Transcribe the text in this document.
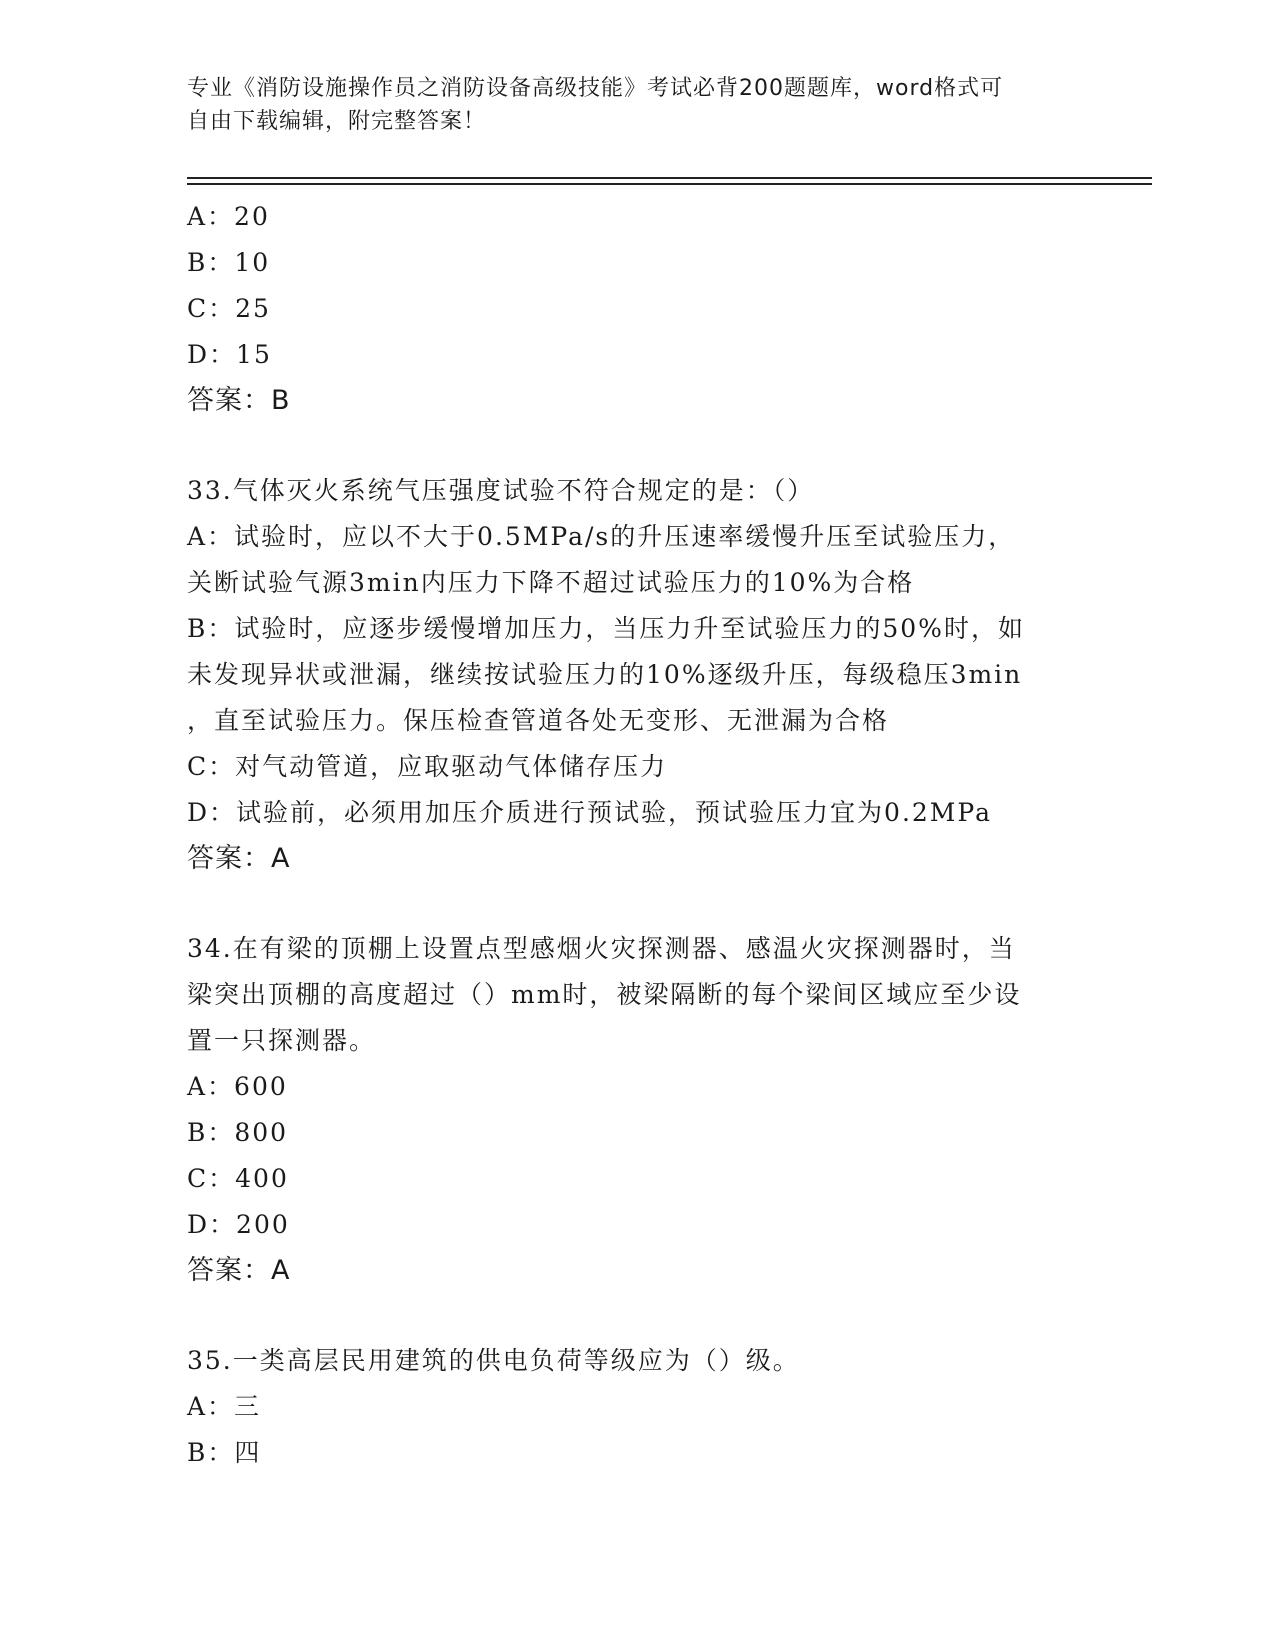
专业《消防设施操作员之消防设备高级技能》考试必背200题题库，word格式可
自由下载编辑，附完整答案！
A：20
B：10
C：25
D：15
答案：B
33.气体灭火系统气压强度试验不符合规定的是：（）
A：试验时，应以不大于0.5MPa/s的升压速率缓慢升压至试验压力，
关断试验气源3min内压力下降不超过试验压力的10%为合格
B：试验时，应逐步缓慢增加压力，当压力升至试验压力的50%时，如
未发现异状或泄漏，继续按试验压力的10%逐级升压，每级稳压3min
，直至试验压力。保压检查管道各处无变形、无泄漏为合格
C：对气动管道，应取驱动气体储存压力
D：试验前，必须用加压介质进行预试验，预试验压力宜为0.2MPa
答案：A
34.在有梁的顶棚上设置点型感烟火灾探测器、感温火灾探测器时，当
梁突出顶棚的高度超过（）mm时，被梁隔断的每个梁间区域应至少设
置一只探测器。
A：600
B：800
C：400
D：200
答案：A
35.一类高层民用建筑的供电负荷等级应为（）级。
A：三
B：四
